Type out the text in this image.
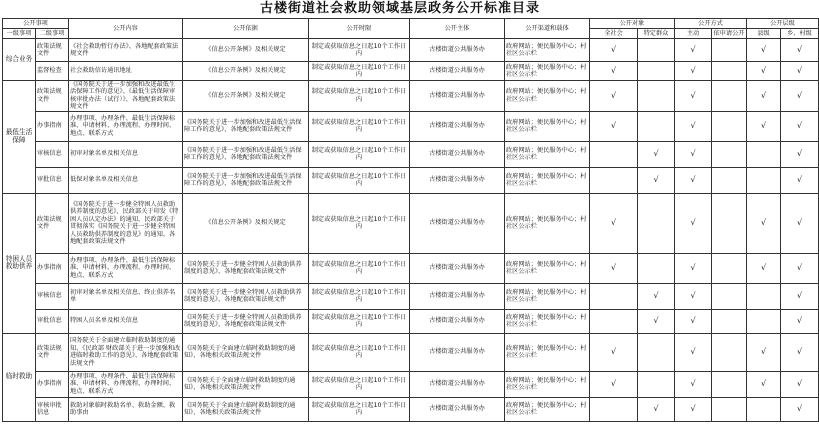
古楼街道社会救助领域基层政务公开标准目录
公开事项		公开内容	公开依据	公开时限	公开主体	公开渠道和载体	公开对象		公开方式		公开层级	
一级事项	二级事项						全社会	特定群众	主动	依申请公开	县级	乡、村级
综合业务	政策法规文件	《社会救助暂行办法》、各地配套政策法规文件	《信息公开条例》及相关规定	制定或获取信息之日起10个工作日内	古楼街道公共服务办	政府网站；便民服务中心；村社区公示栏	√		√		√	√
	监督检查	社会救助信访通讯地址	《信息公开条例》及相关规定	制定或获取信息之日起10个工作日内	古楼街道公共服务办	政府网站；便民服务中心；村社区公示栏	√		√		√	√
最低生活保障	政策法规文件	《国务院关于进一步加强和改进最低生活保障工作的意见》、《最低生活保障审核审批办法（试行）》、各地配套政策法规文件	《信息公开条例》及相关规定	制定或获取信息之日起10个工作日内	古楼街道公共服务办	政府网站；便民服务中心；村社区公示栏	√		√		√	√
	办事指南	办理事项、办理条件、最低生活保障标准、申请材料、办理流程、办理时间、地点、联系方式	《国务院关于进一步加强和改进最低生活保障工作的意见》、各地配套政策法规文件	制定或获取信息之日起10个工作日内	古楼街道公共服务办	政府网站；便民服务中心；村社区公示栏	√		√		√	√
	审核信息	初审对象名单及相关信息	《国务院关于进一步加强和改进最低生活保障工作的意见》、各地配套政策法规文件	制定或获取信息之日起10个工作日内	古楼街道公共服务办	政府网站；便民服务中心；村社区公示栏		√	√			√
	审批信息	低保对象名单及相关信息	《国务院关于进一步加强和改进最低生活保障工作的意见》、各地配套政策法规文件	制定或获取信息之日起10个工作日内	古楼街道公共服务办	政府网站；便民服务中心；村社区公示栏		√	√			√
特困人员救助供养	政策法规文件	《国务院关于进一步健全特困人员救助供养制度的意见》、民政部关于印发《特困人员认定办法》的通知、民政部关于贯彻落实《国务院关于进一步健全特困人员救助供养制度的意见》的通知、各地配套政策法规文件	《信息公开条例》及相关规定	制定或获取信息之日起10个工作日内	古楼街道公共服务办	政府网站；便民服务中心；村社区公示栏	√		√		√	√
	办事指南	办理事项、办理条件、最低生活保障标准、申请材料、办理流程、办理时间、地点、联系方式	《国务院关于进一步健全特困人员救助供养制度的意见》、各地配套政策法规文件	制定或获取信息之日起10个工作日内	古楼街道公共服务办	政府网站；便民服务中心；村社区公示栏	√		√		√	√
	审核信息	初审对象名单及相关信息、终止供养名单	《国务院关于进一步健全特困人员救助供养制度的意见》、各地配套政策法规文件	制定或获取信息之日起10个工作日内	古楼街道公共服务办	政府网站；便民服务中心；村社区公示栏		√	√			√
	审批信息	特困人员名单及相关信息	《国务院关于进一步健全特困人员救助供养制度的意见》、各地配套政策法规文件	制定或获取信息之日起10个工作日内	古楼街道公共服务办	政府网站；便民服务中心；村社区公示栏		√	√			√
临时救助	政策法规文件	国务院关于全面建立临时救助制度的通知、《民政部 财政部关于进一步加强和改进临时救助工作的意见》、各地配套政策法规文件	《国务院关于全面建立临时救助制度的通知》、各地相关政策法规文件	制定或获取信息之日起10个工作日内	古楼街道公共服务办	政府网站；便民服务中心；村社区公示栏	√		√		√	√
	办事指南	办理事项、办理条件、最低生活保障标准、申请材料、办理流程、办理时间、地点、联系方式	《国务院关于全面建立临时救助制度的通知》、各地相关政策法规文件	制定或获取信息之日起10个工作日内	古楼街道公共服务办	政府网站；便民服务中心；村社区公示栏	√		√		√	√
	审核审批信息	救助对象临时救助名单、救助金额、救助事由	《国务院关于全面建立临时救助制度的通知》、各地相关政策法规文件	制定或获取信息之日起10个工作日内	古楼街道公共服务办	政府网站；便民服务中心；村社区公示栏		√	√			√
